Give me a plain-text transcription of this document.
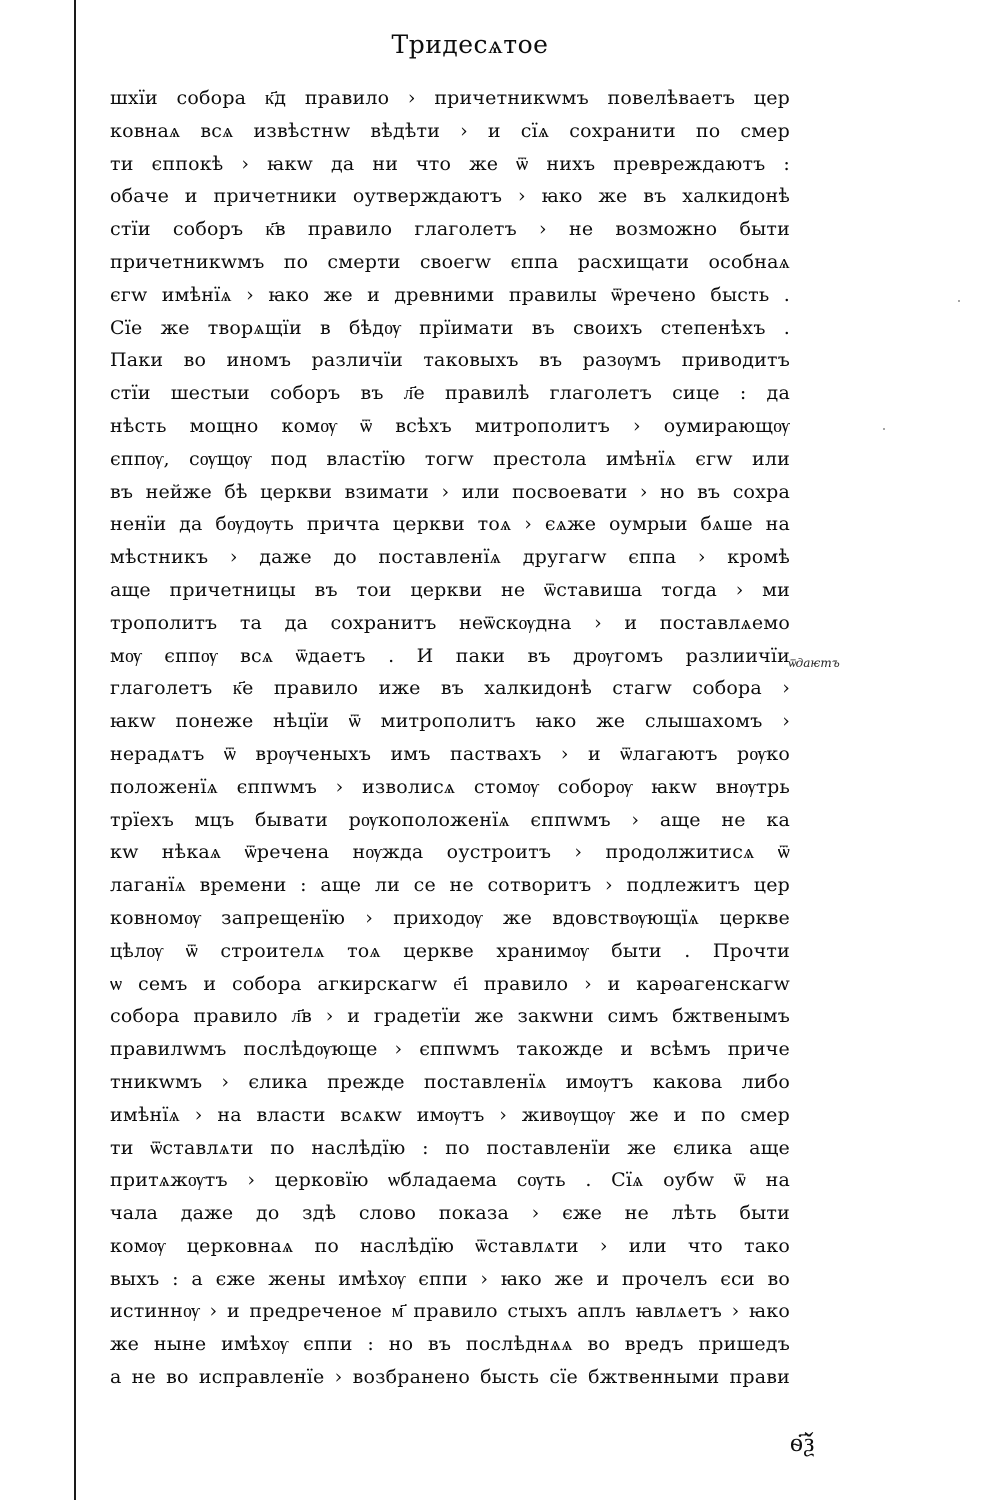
Тридесѧтое
шхїи собора к҃д правило › причетникwмъ повелѣваетъ цер
ковнаѧ всѧ извѣстнw вѣдѣти › и сїѧ сохранити по смер
ти єппокѣ › ꙗкw да ни что же ѿ нихъ превреждаютъ :
обаче и причетники оутверждаютъ › ꙗко же въ халкидонѣ
стїи соборъ к҃в правило глаголетъ › не возможно быти
причетникwмъ по смерти своегw єппа расхищати особнаѧ
єгw имѣнїѧ › ꙗко же и древними правилы ѿречено бысть .
Сїе же творѧщїи в бѣдѹ прїимати въ своихъ степенѣхъ .
Паки во иномъ различїи таковыхъ въ разѹмъ приводитъ
стїи шестыи соборъ въ л҃е правилѣ глаголетъ сице : да
нѣсть мощно комѹ ѿ всѣхъ митрополитъ › оумирающѹ
єппѹ, сѹщѹ под властїю тогw престола имѣнїѧ єгw или
въ нейже бѣ церкви взимати › или посвоевати › но въ сохра
ненїи да бѹдѹть причта церкви тоѧ › єѧже оумрыи бѧше на
мѣстникъ › даже до поставленїѧ другагw єппа › кромѣ
аще причетницы въ тои церкви не ѿставиша тогда › ми
трополитъ та да сохранитъ неѿскѹдна › и поставлѧемо
мѹ єппѹ всѧ ѿдаетъ . И паки въ дрѹгомъ разлиичїи
глаголетъ к҃е правило иже въ халкидонѣ стагw собора ›
ꙗкw понеже нѣцїи ѿ митрополитъ ꙗко же слышахомъ ›
нерадѧтъ ѿ врѹченыхъ имъ паствахъ › и ѿлагаютъ рѹко
положенїѧ єппwмъ › изволисѧ стомѹ соборѹ ꙗкw внѹтрь
трїехъ мцъ бывати рѹкоположенїѧ єппwмъ › аще не ка
кw нѣкаѧ ѿречена нѹжда оустроитъ › продолжитисѧ ѿ
лаганїѧ времени : аще ли се не сотворитъ › подлежитъ цер
ковномѹ запрещенїю › приходѹ же вдовствѹющїѧ церкве
цѣлѹ ѿ строителѧ тоѧ церкве хранимѹ быти . Прочти
ѡ семъ и собора агкирскагw е҃і правило › и карѳагенскагw
собора правило л҃в › и градетїи же закwни симъ бжтвенымъ
правилwмъ послѣдѹюще › єппwмъ такожде и всѣмъ приче
тникwмъ › єлика прежде поставленїѧ имѹтъ какова либо
имѣнїѧ › на власти всѧкw имѹтъ › живѹщѹ же и по смер
ти ѿставлѧти по наслѣдїю : по поставленїи же єлика аще
притѧжѹтъ › церковїю ѡбладаема сѹть . Сїѧ оубw ѿ на
чала даже до здѣ слово показа › єже не лѣть быти
комѹ церковнаѧ по наслѣдїю ѿставлѧти › или что тако
выхъ : а єже жены имѣхѹ єппи › ꙗко же и прочелъ єси во
истиннѹ › и предреченое м҃ правило стыхъ аплъ ꙗвлѧетъ › ꙗко
же ныне имѣхѹ єппи : но въ послѣднѧѧ во вредъ пришедъ
а не во исправленїе › возбранено бысть сїе бжтвенными прави
ѿдаѥтъ
ѳ҃ѯ
